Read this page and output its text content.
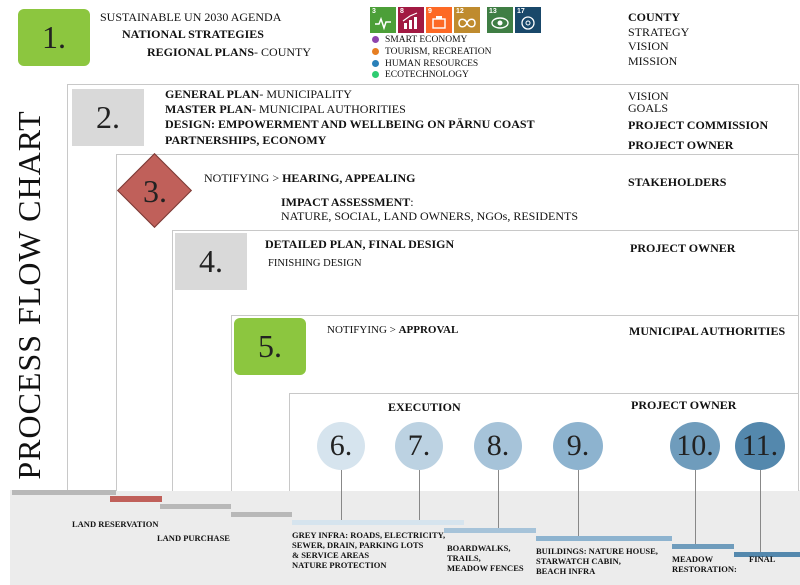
PROCESS FLOW CHART
1.
SUSTAINABLE UN 2030 AGENDA
NATIONAL STRATEGIES
REGIONAL PLANS- COUNTY
3	8	9	12	13	17
SMART ECONOMY
TOURISM, RECREATION
HUMAN RESOURCES
ECOTECHNOLOGY
COUNTY
STRATEGY
VISION
MISSION
2.
GENERAL PLAN- MUNICIPALITY
MASTER PLAN- MUNICIPAL AUTHORITIES
DESIGN: EMPOWERMENT AND WELLBEING ON PÄRNU COAST
PARTNERSHIPS, ECONOMY
VISION
GOALS
PROJECT COMMISSION
PROJECT OWNER
3.	NOTIFYING > HEARING, APPEALING
IMPACT ASSESSMENT:
NATURE, SOCIAL, LAND OWNERS, NGOs, RESIDENTS
STAKEHOLDERS
4.	DETAILED PLAN, FINAL DESIGN
FINISHING DESIGN
PROJECT OWNER
5.	NOTIFYING > APPROVAL	MUNICIPAL AUTHORITIES
EXECUTION	PROJECT OWNER
6. 7. 8. 9.	10. 11.
LAND RESERVATION
LAND PURCHASE	GREY INFRA: ROADS, ELECTRICITY,
SEWER, DRAIN, PARKING LOTS
& SERVICE AREAS
NATURE PROTECTION
BOARDWALKS,
TRAILS,
MEADOW FENCES
BUILDINGS: NATURE HOUSE,
STARWATCH CABIN,
BEACH INFRA
MEADOW
RESTORATION:
FINAL
